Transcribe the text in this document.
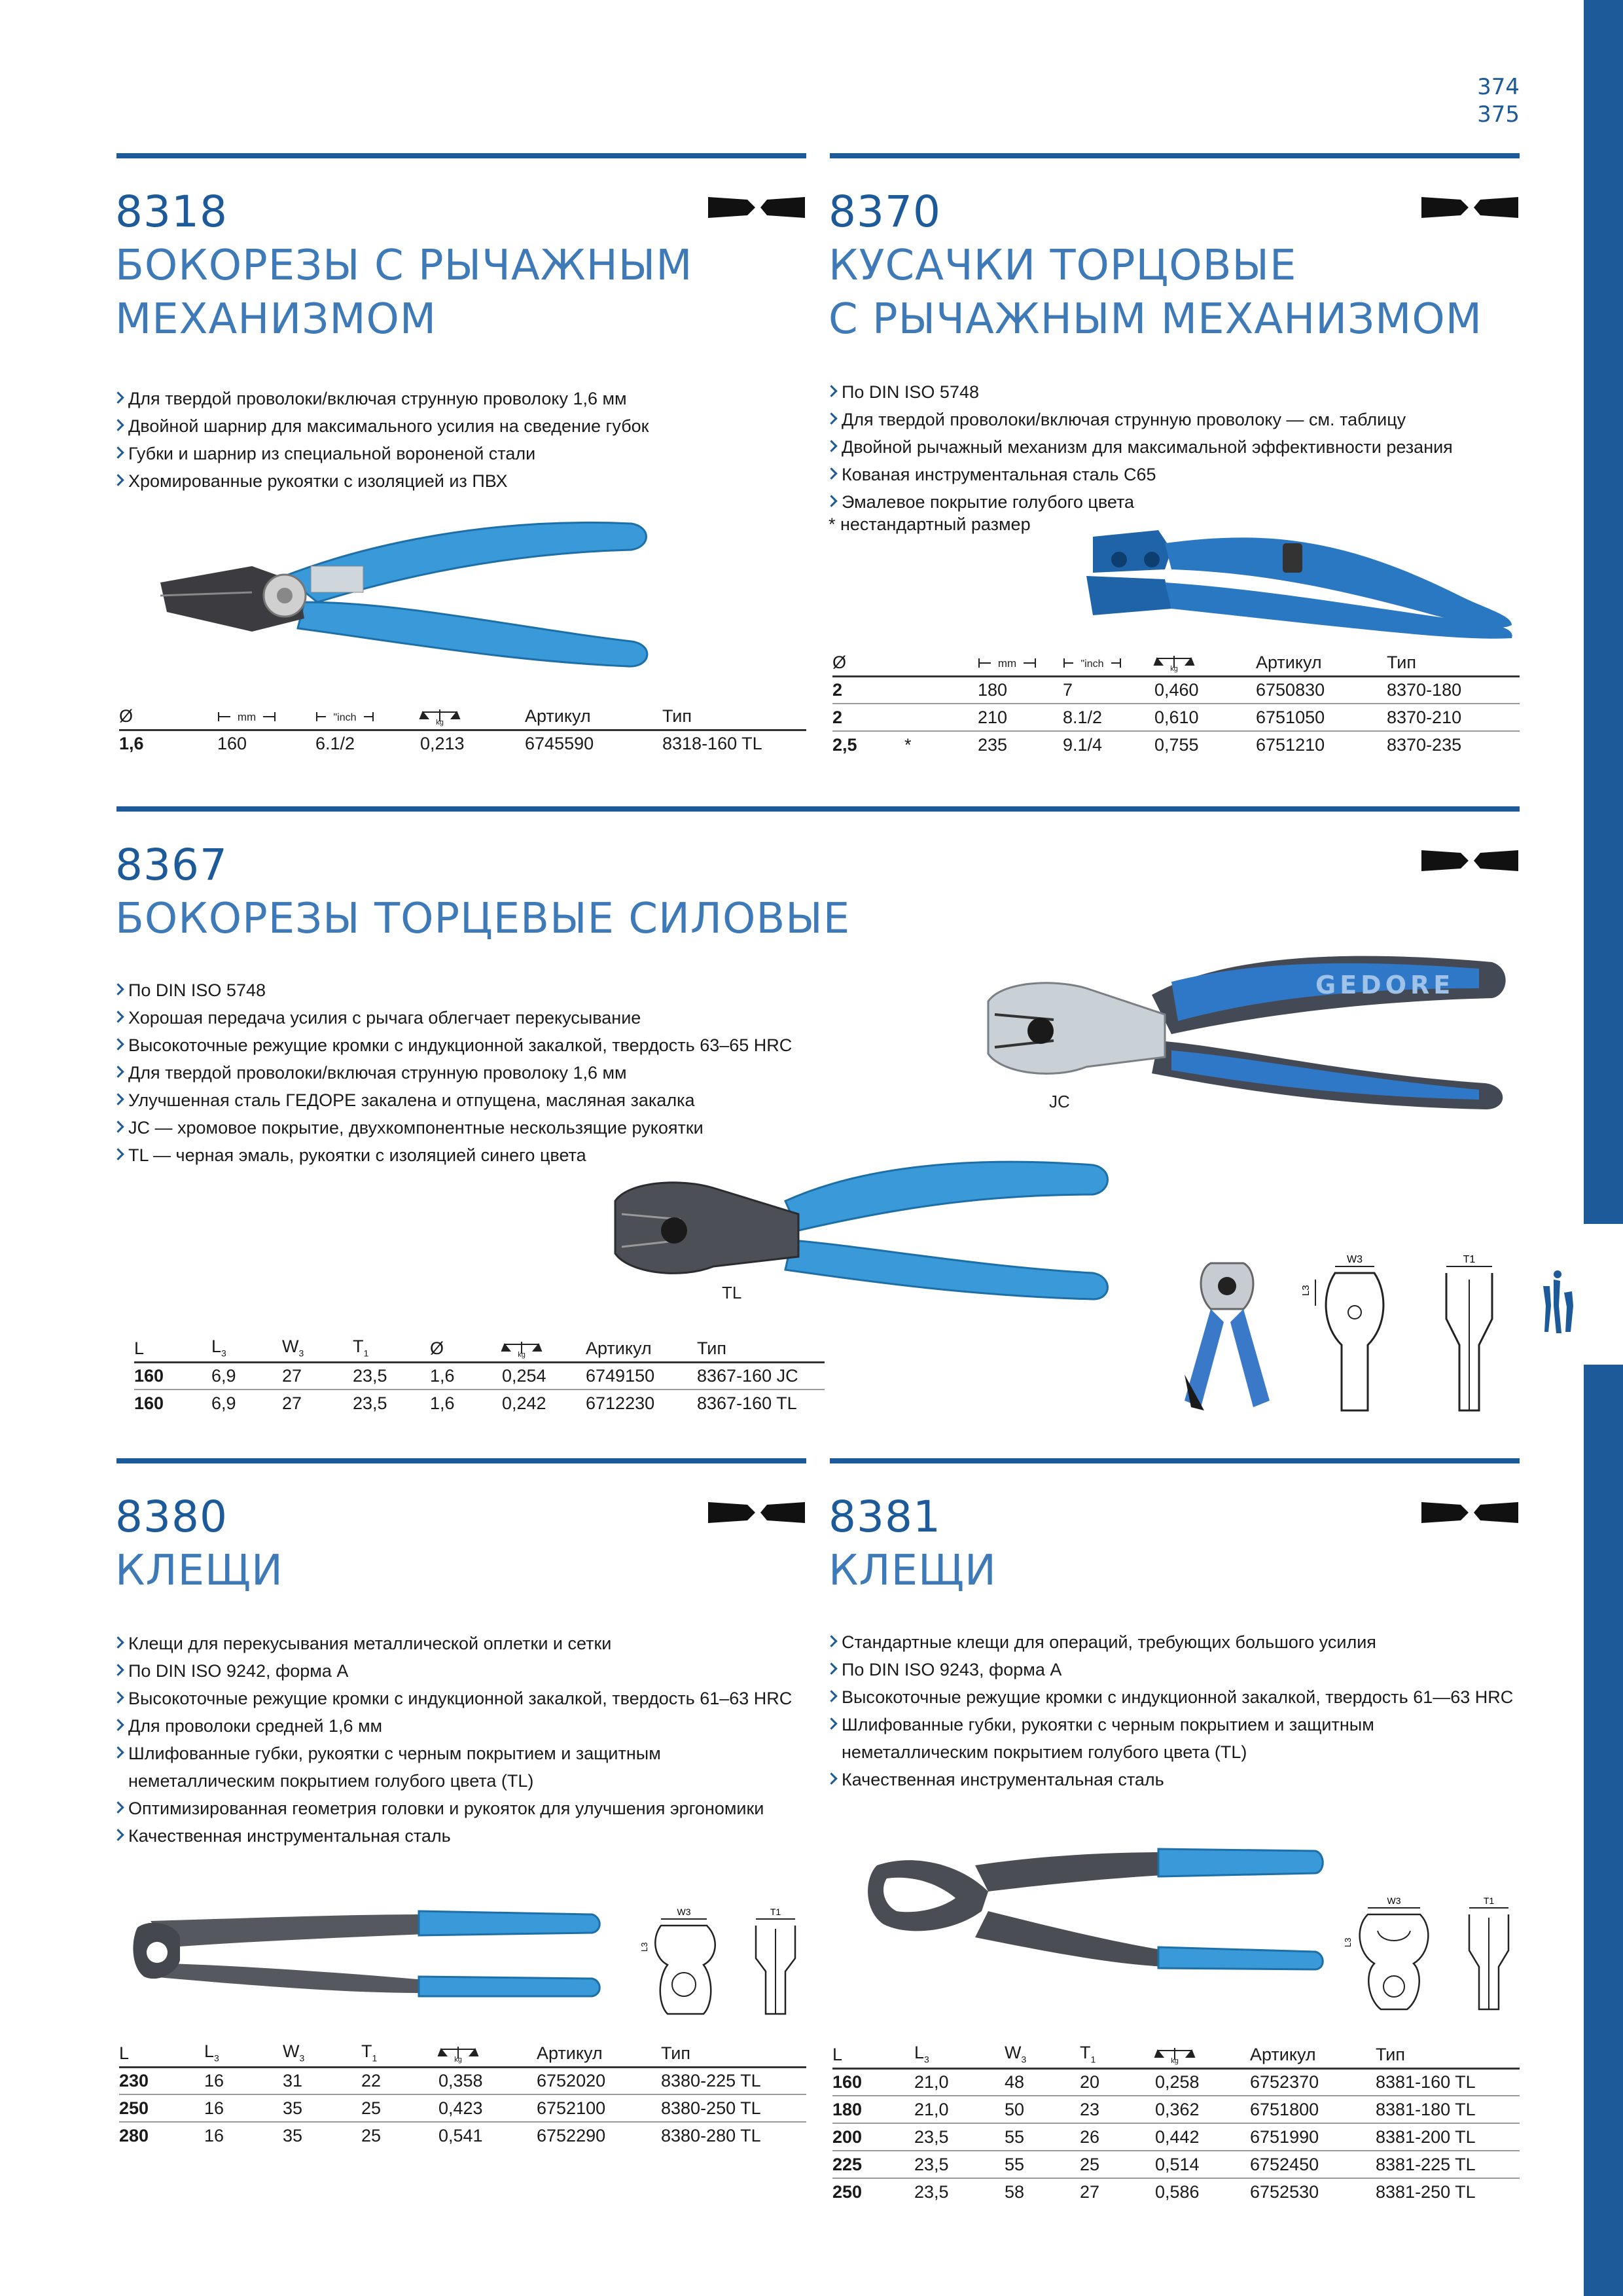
374
375
8318
БОКОРЕЗЫ С РЫЧАЖНЫМ
МЕХАНИЗМОМ
Для твердой проволоки/включая струнную проволоку 1,6 мм
Двойной шарнир для максимального усилия на сведение губок
Губки и шарнир из специальной вороненой стали
Хромированные рукоятки с изоляцией из ПВХ
Ø	mm	"inch	kg	Артикул	Тип
1,6	160	6.1/2	0,213	6745590	8318-160 TL
8370
КУСАЧКИ ТОРЦОВЫЕ
С РЫЧАЖНЫМ МЕХАНИЗМОМ
По DIN ISO 5748
Для твердой проволоки/включая струнную проволоку — см. таблицу
Двойной рычажный механизм для максимальной эффективности резания
Кованая инструментальная сталь C65
Эмалевое покрытие голубого цвета
* нестандартный размер
Ø		mm	"inch	kg	Артикул	Тип
2		180	7	0,460	6750830	8370-180
2		210	8.1/2	0,610	6751050	8370-210
2,5	*	235	9.1/4	0,755	6751210	8370-235
8367
БОКОРЕЗЫ ТОРЦЕВЫЕ СИЛОВЫЕ
По DIN ISO 5748
Хорошая передача усилия с рычага облегчает перекусывание
Высокоточные режущие кромки с индукционной закалкой, твердость 63–65 HRC
Для твердой проволоки/включая струнную проволоку 1,6 мм
Улучшенная сталь ГЕДОРЕ закалена и отпущена, масляная закалка
JC — хромовое покрытие, двухкомпонентные нескользящие рукоятки
TL — черная эмаль, рукоятки с изоляцией синего цвета
GEDORE
JC
TL
W3
L3
T1
L	$L_3$	$W_3$	$T_1$	Ø	kg	Артикул	Тип
160	6,9	27	23,5	1,6	0,254	6749150	8367-160 JC
160	6,9	27	23,5	1,6	0,242	6712230	8367-160 TL
8380
КЛЕЩИ
Клещи для перекусывания металлической оплетки и сетки
По DIN ISO 9242, форма A
Высокоточные режущие кромки с индукционной закалкой, твердость 61–63 HRC
Для проволоки средней 1,6 мм
Шлифованные губки, рукоятки с черным покрытием и защитным неметаллическим покрытием голубого цвета (TL)
Оптимизированная геометрия головки и рукояток для улучшения эргономики
Качественная инструментальная сталь
W3
L3
T1
L	$L_3$	$W_3$	$T_1$	kg	Артикул	Тип
230	16	31	22	0,358	6752020	8380-225 TL
250	16	35	25	0,423	6752100	8380-250 TL
280	16	35	25	0,541	6752290	8380-280 TL
8381
КЛЕЩИ
Стандартные клещи для операций, требующих большого усилия
По DIN ISO 9243, форма A
Высокоточные режущие кромки с индукционной закалкой, твердость 61—63 HRC
Шлифованные губки, рукоятки с черным покрытием и защитным неметаллическим покрытием голубого цвета (TL)
Качественная инструментальная сталь
W3
L3
T1
L	$L_3$	$W_3$	$T_1$	kg	Артикул	Тип
160	21,0	48	20	0,258	6752370	8381-160 TL
180	21,0	50	23	0,362	6751800	8381-180 TL
200	23,5	55	26	0,442	6751990	8381-200 TL
225	23,5	55	25	0,514	6752450	8381-225 TL
250	23,5	58	27	0,586	6752530	8381-250 TL
